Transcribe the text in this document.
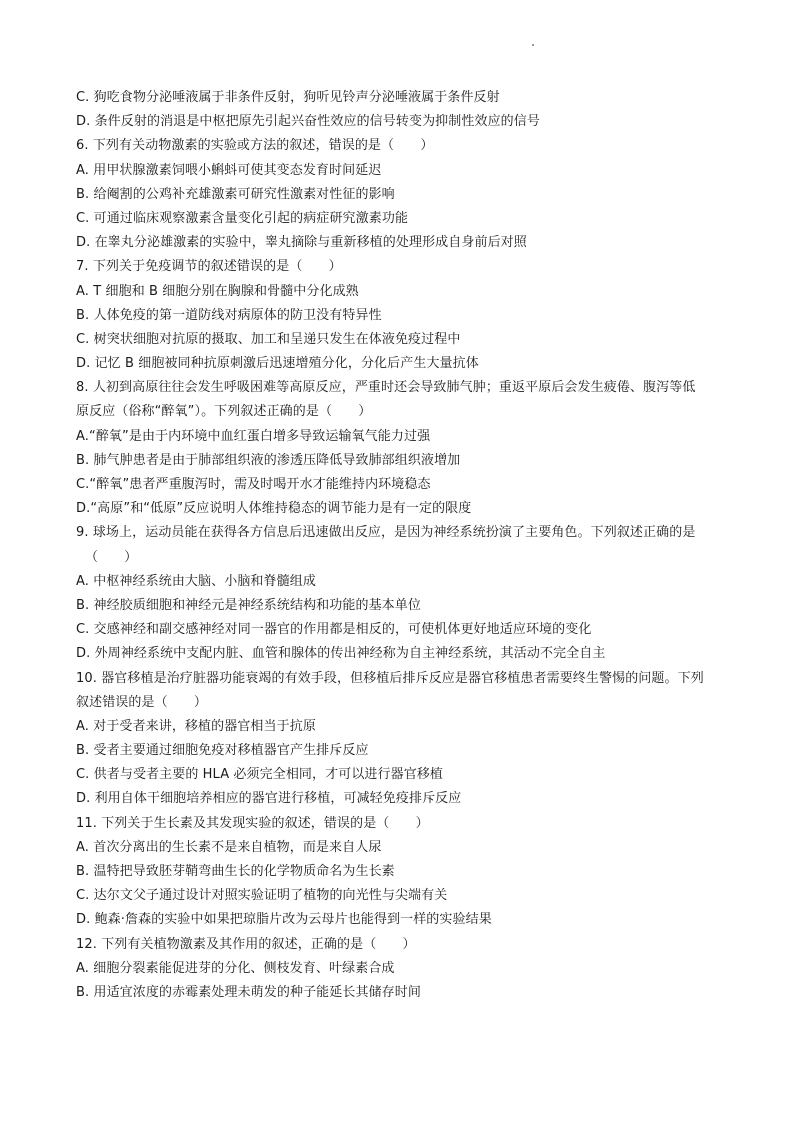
C. 狗吃食物分泌唾液属于非条件反射，狗听见铃声分泌唾液属于条件反射
D. 条件反射的消退是中枢把原先引起兴奋性效应的信号转变为抑制性效应的信号
6. 下列有关动物激素的实验或方法的叙述，错误的是（　　）
A. 用甲状腺激素饲喂小蝌蚪可使其变态发育时间延迟
B. 给阉割的公鸡补充雄激素可研究性激素对性征的影响
C. 可通过临床观察激素含量变化引起的病症研究激素功能
D. 在睾丸分泌雄激素的实验中，睾丸摘除与重新移植的处理形成自身前后对照
7. 下列关于免疫调节的叙述错误的是（　　）
A. T 细胞和 B 细胞分别在胸腺和骨髓中分化成熟
B. 人体免疫的第一道防线对病原体的防卫没有特异性
C. 树突状细胞对抗原的摄取、加工和呈递只发生在体液免疫过程中
D. 记忆 B 细胞被同种抗原刺激后迅速增殖分化，分化后产生大量抗体
8. 人初到高原往往会发生呼吸困难等高原反应，严重时还会导致肺气肿；重返平原后会发生疲倦、腹泻等低
原反应（俗称“醉氧”）。下列叙述正确的是（　　）
A.“醉氧”是由于内环境中血红蛋白增多导致运输氧气能力过强
B. 肺气肿患者是由于肺部组织液的渗透压降低导致肺部组织液增加
C.“醉氧”患者严重腹泻时，需及时喝开水才能维持内环境稳态
D.“高原”和“低原”反应说明人体维持稳态的调节能力是有一定的限度
9. 球场上，运动员能在获得各方信息后迅速做出反应，是因为神经系统扮演了主要角色。下列叙述正确的是
（　　）
A. 中枢神经系统由大脑、小脑和脊髓组成
B. 神经胶质细胞和神经元是神经系统结构和功能的基本单位
C. 交感神经和副交感神经对同一器官的作用都是相反的，可使机体更好地适应环境的变化
D. 外周神经系统中支配内脏、血管和腺体的传出神经称为自主神经系统，其活动不完全自主
10. 器官移植是治疗脏器功能衰竭的有效手段，但移植后排斥反应是器官移植患者需要终生警惕的问题。下列
叙述错误的是（　　）
A. 对于受者来讲，移植的器官相当于抗原
B. 受者主要通过细胞免疫对移植器官产生排斥反应
C. 供者与受者主要的 HLA 必须完全相同，才可以进行器官移植
D. 利用自体干细胞培养相应的器官进行移植，可减轻免疫排斥反应
11. 下列关于生长素及其发现实验的叙述，错误的是（　　）
A. 首次分离出的生长素不是来自植物，而是来自人尿
B. 温特把导致胚芽鞘弯曲生长的化学物质命名为生长素
C. 达尔文父子通过设计对照实验证明了植物的向光性与尖端有关
D. 鲍森·詹森的实验中如果把琼脂片改为云母片也能得到一样的实验结果
12. 下列有关植物激素及其作用的叙述，正确的是（　　）
A. 细胞分裂素能促进芽的分化、侧枝发育、叶绿素合成
B. 用适宜浓度的赤霉素处理未萌发的种子能延长其储存时间
